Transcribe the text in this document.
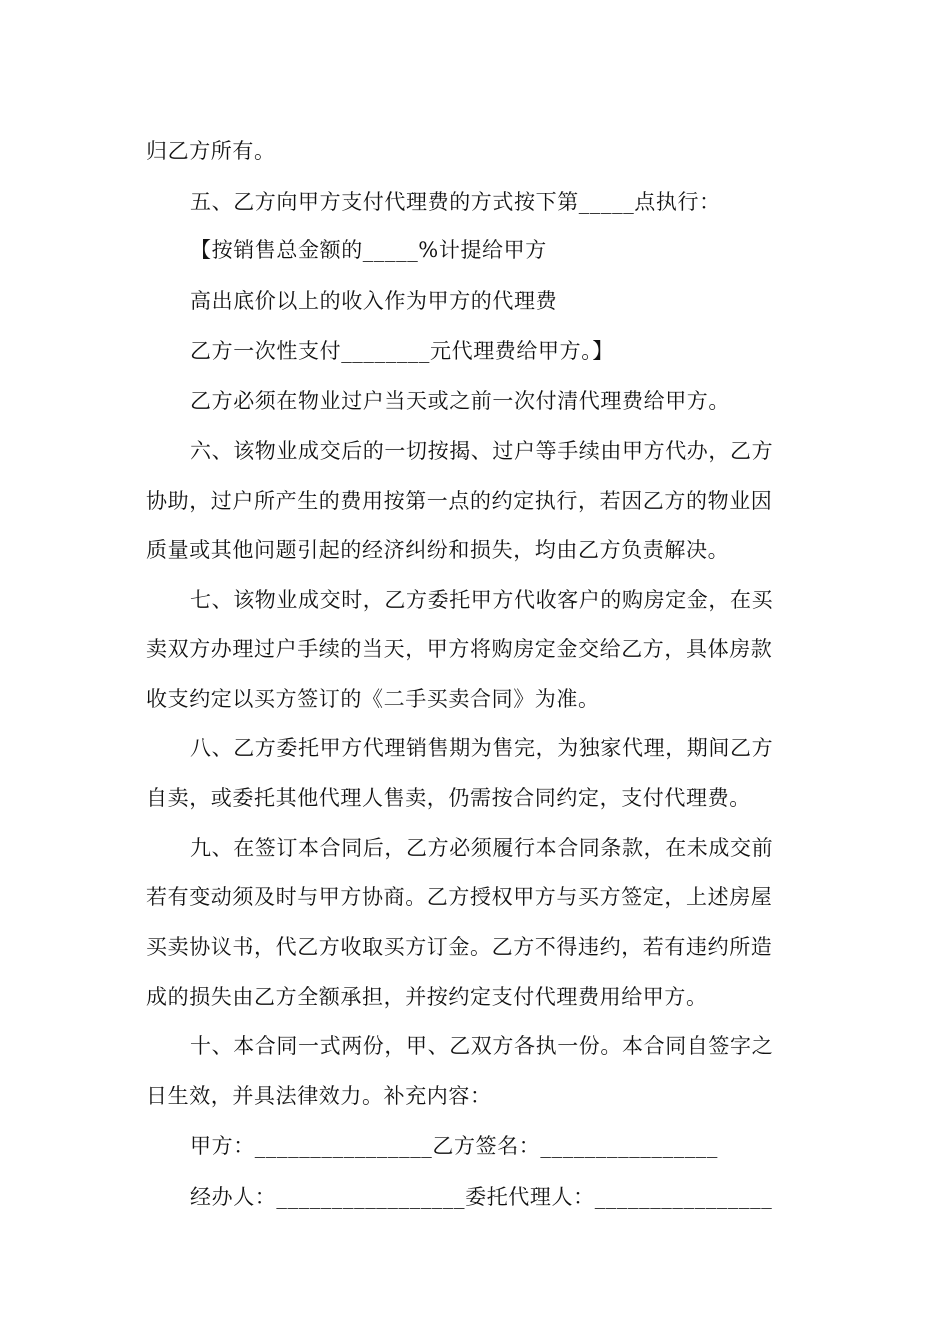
归乙方所有。
五、乙方向甲方支付代理费的方式按下第_____点执行：
【按销售总金额的_____%计提给甲方
高出底价以上的收入作为甲方的代理费
乙方一次性支付________元代理费给甲方。】
乙方必须在物业过户当天或之前一次付清代理费给甲方。
六、该物业成交后的一切按揭、过户等手续由甲方代办，乙方
协助，过户所产生的费用按第一点的约定执行，若因乙方的物业因
质量或其他问题引起的经济纠纷和损失，均由乙方负责解决。
七、该物业成交时，乙方委托甲方代收客户的购房定金，在买
卖双方办理过户手续的当天，甲方将购房定金交给乙方，具体房款
收支约定以买方签订的《二手买卖合同》为准。
八、乙方委托甲方代理销售期为售完，为独家代理，期间乙方
自卖，或委托其他代理人售卖，仍需按合同约定，支付代理费。
九、在签订本合同后，乙方必须履行本合同条款，在未成交前
若有变动须及时与甲方协商。乙方授权甲方与买方签定，上述房屋
买卖协议书，代乙方收取买方订金。乙方不得违约，若有违约所造
成的损失由乙方全额承担，并按约定支付代理费用给甲方。
十、本合同一式两份，甲、乙双方各执一份。本合同自签字之
日生效，并具法律效力。补充内容：
甲方：________________乙方签名：________________
经办人：_________________委托代理人：________________
